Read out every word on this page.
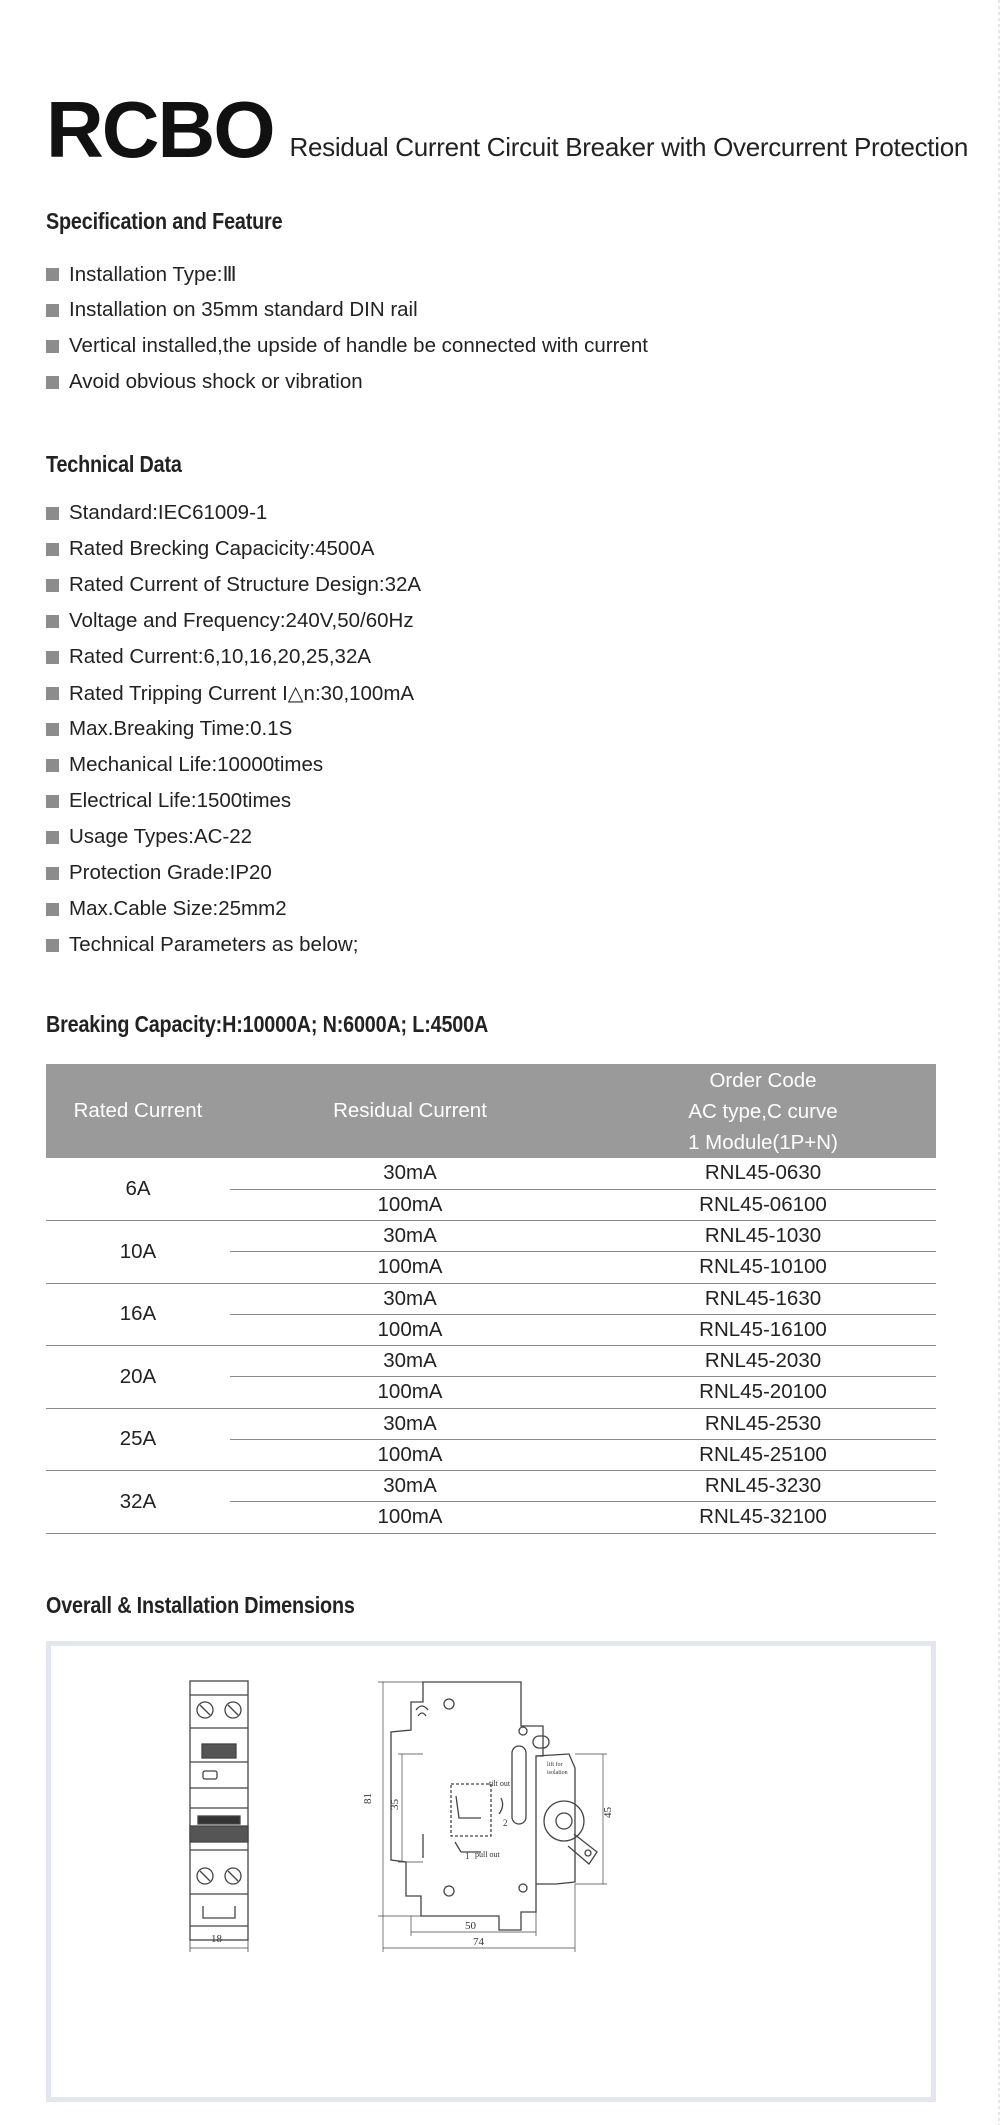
RCBO Residual Current Circuit Breaker with Overcurrent Protection
Specification and Feature
Installation Type:Ⅲ
Installation on 35mm standard DIN rail
Vertical installed,the upside of handle be connected with current
Avoid obvious shock or vibration
Technical Data
Standard:IEC61009-1
Rated Brecking Capacicity:4500A
Rated Current of Structure Design:32A
Voltage and Frequency:240V,50/60Hz
Rated Current:6,10,16,20,25,32A
Rated Tripping Current I△n:30,100mA
Max.Breaking Time:0.1S
Mechanical Life:10000times
Electrical Life:1500times
Usage Types:AC-22
Protection Grade:IP20
Max.Cable Size:25mm2
Technical Parameters as below;
Breaking Capacity:H:10000A; N:6000A; L:4500A
Rated Current	Residual Current	Order Code
AC type,C curve
1 Module(1P+N)

6A	30mA	RNL45-0630
	100mA	RNL45-06100
10A	30mA	RNL45-1030
	100mA	RNL45-10100
16A	30mA	RNL45-1630
	100mA	RNL45-16100
20A	30mA	RNL45-2030
	100mA	RNL45-20100
25A	30mA	RNL45-2530
	100mA	RNL45-25100
32A	30mA	RNL45-3230
	100mA	RNL45-32100
Overall & Installation Dimensions
18
lift for
isolation
tilt out
2
1 pull out
81
35
45
50
74
